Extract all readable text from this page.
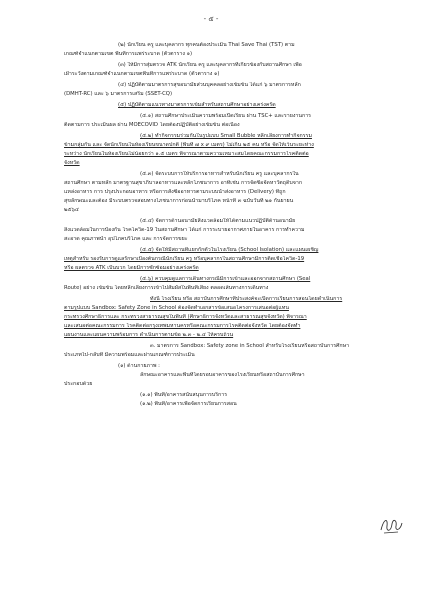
- ๕ -
(๒) นักเรียน ครู และบุคลากร ทุกคนต้องประเมิน Thai Save Thai (TST) ตาม
เกณฑ์จำแนกตามเขต พื้นที่การแพร่ระบาด (ตัวตาราง ๑)
(๓) ให้มีการสุ่มตรวจ ATK นักเรียน ครู และบุคลากรที่เกี่ยวข้องกับสถานศึกษา เพื่อ
เฝ้าระวังตามเกณฑ์จำแนกตามเขตพื้นที่การแพร่ระบาด (ตัวตาราง ๑)
(๔) ปฏิบัติตามมาตรการสุขอนามัยส่วนบุคคลอย่างเข้มข้น ได้แก่ ๖ มาตรการหลัก
(DMHT-RC) และ ๖ มาตรการเสริม (SSET-CQ)
(๕) ปฏิบัติตามแนวทางมาตรการเข้มสำหรับสถานศึกษาอย่างเคร่งครัด
(๕.๑) สถานศึกษาประเมินความพร้อมเปิดเรียน ผ่าน TSC+ และรายงานการ
ติดตามการ ประเมินผล ผ่าน MOECOVID โดยต้องปฏิบัติอย่างเข้มข้น ต่อเนื่อง
(๕.๒) ทำกิจกรรมร่วมกันในรูปแบบ Small Bubble หลีกเลี่ยงการทำกิจกรรม
ข้ามกลุ่มกัน และ จัดนักเรียนในห้องเรียนขนาดปกติ (พื้นที่ ๗ x ๙ เมตร) ไม่เกิน ๒๕ คน หรือ จัดให้เว้นระยะห่าง
ระหว่าง นักเรียนในห้องเรียนไม่น้อยกว่า ๑.๕ เมตร พิจารณาตามความเหมาะสมโดยคณะกรรมการโรคติดต่อ
จังหวัด
(๕.๓) จัดระบบการให้บริการอาหารสำหรับนักเรียน ครู และบุคลากรใน
สถานศึกษา ตามหลัก มาตรฐานสุขาภิบาลอาหารและหลักโภชนาการ อาทิเช่น การจัดซื้อจัดหาวัตถุดิบจาก
แหล่งอาหาร การ ปรุงประกอบอาหาร หรือการสั่งซื้ออาหารตามระบบนำส่งอาหาร (Delivery) ที่ถูก
สุขลักษณะและต้อง มีระบบตรวจสอบทางโภชนาการก่อนนำมาบริโภค หน้าที่ ๓ ฉบับวันที่ ๒๑ กันยายน
๒๕๖๔
(๕.๔) จัดการด้านอนามัยสิ่งแวดล้อมให้ได้ตามแนวปฏิบัติด้านอนามัย
สิ่งแวดล้อมในการป้องกัน โรคโควิด-19 ในสถานศึกษา ได้แก่ การระบายอากาศภายในอาคาร การทำความ
สะอาด คุณภาพน้ำ อุปโภคบริโภค และ การจัดการขยะ
(๕.๕) จัดให้มีสถานที่แยกกักตัวในโรงเรียน (School Isolation) และแผนเผชิญ
เหตุสำหรับ รองรับการดูแลรักษาเบื้องต้นกรณีนักเรียน ครู หรือบุคลากรในสถานศึกษามีการติดเชื้อโควิด-19
หรือ ผลตรวจ ATK เป็นบวก โดยมีการซักซ้อมอย่างเคร่งครัด
(๕.๖) ควบคุมดูแลการเดินทางกรณีมีการเข้าและออกจากสถานศึกษา (Seal
Route) อย่าง เข้มข้น โดยหลีกเลี่ยงการเข้าไปสัมผัสในพื้นที่เสี่ยง ตลอดเส้นทางการเดินทาง
ทั้งนี้ โรงเรียน หรือ สถาบันการศึกษาที่ประสงค์จะเปิดการเรียนการสอนโดยดำเนินการ
ตามรูปแบบ Sandbox: Safety Zone in School ต้องจัดทำเอกสารข้อเสนอโครงการเสนอต่อผู้แทน
กระทรวงศึกษาธิการและ กระทรวงสาธารณสุขในพื้นที่ (ศึกษาธิการจังหวัดและสาธารณสุขจังหวัด) พิจารณา
และเสนอต่อคณะกรรมการ โรคติดต่อกรุงเทพมหานครหรือคณะกรรมการโรคติดต่อจังหวัด โดยต้องจัดทำ
แผนงานและแผนความพร้อมการ ดำเนินการตามข้อ ๒.๓ - ๒.๔ ให้ครบถ้วน
๓. มาตรการ Sandbox: Safety zone in School สำหรับโรงเรียนหรือสถาบันการศึกษา
ประเภทไป-กลับที่ มีความพร้อมและผ่านเกณฑ์การประเมิน
(๑) ด้านกายภาพ :
ลักษณะอาคารและพื้นที่โดยรอบอาคารของโรงเรียนหรือสถาบันการศึกษา
ประกอบด้วย
(๑.๑) พื้นที่/อาคารสนับสนุนการบริการ
(๑.๒) พื้นที่/อาคารเพื่อจัดการเรียนการสอน
